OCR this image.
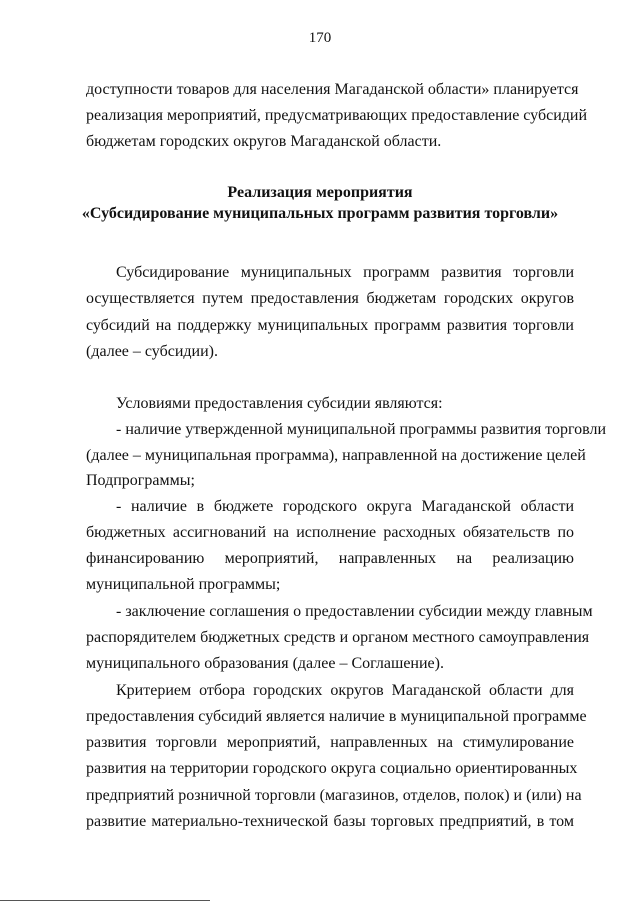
170
доступности товаров для населения Магаданской области» планируется
реализация мероприятий, предусматривающих предоставление субсидий
бюджетам городских округов Магаданской области.
Реализация мероприятия
«Субсидирование муниципальных программ развития торговли»
Субсидирование муниципальных программ развития торговли
осуществляется путем предоставления бюджетам городских округов
субсидий на поддержку муниципальных программ развития торговли
(далее – субсидии).
Условиями предоставления субсидии являются:
- наличие утвержденной муниципальной программы развития торговли
(далее – муниципальная программа), направленной на достижение целей
Подпрограммы;
- наличие в бюджете городского округа Магаданской области
бюджетных ассигнований на исполнение расходных обязательств по
финансированию мероприятий, направленных на реализацию
муниципальной программы;
- заключение соглашения о предоставлении субсидии между главным
распорядителем бюджетных средств и органом местного самоуправления
муниципального образования (далее – Соглашение).
Критерием отбора городских округов Магаданской области для
предоставления субсидий является наличие в муниципальной программе
развития торговли мероприятий, направленных на стимулирование
развития на территории городского округа социально ориентированных
предприятий розничной торговли (магазинов, отделов, полок) и (или) на
развитие материально-технической базы торговых предприятий, в том
